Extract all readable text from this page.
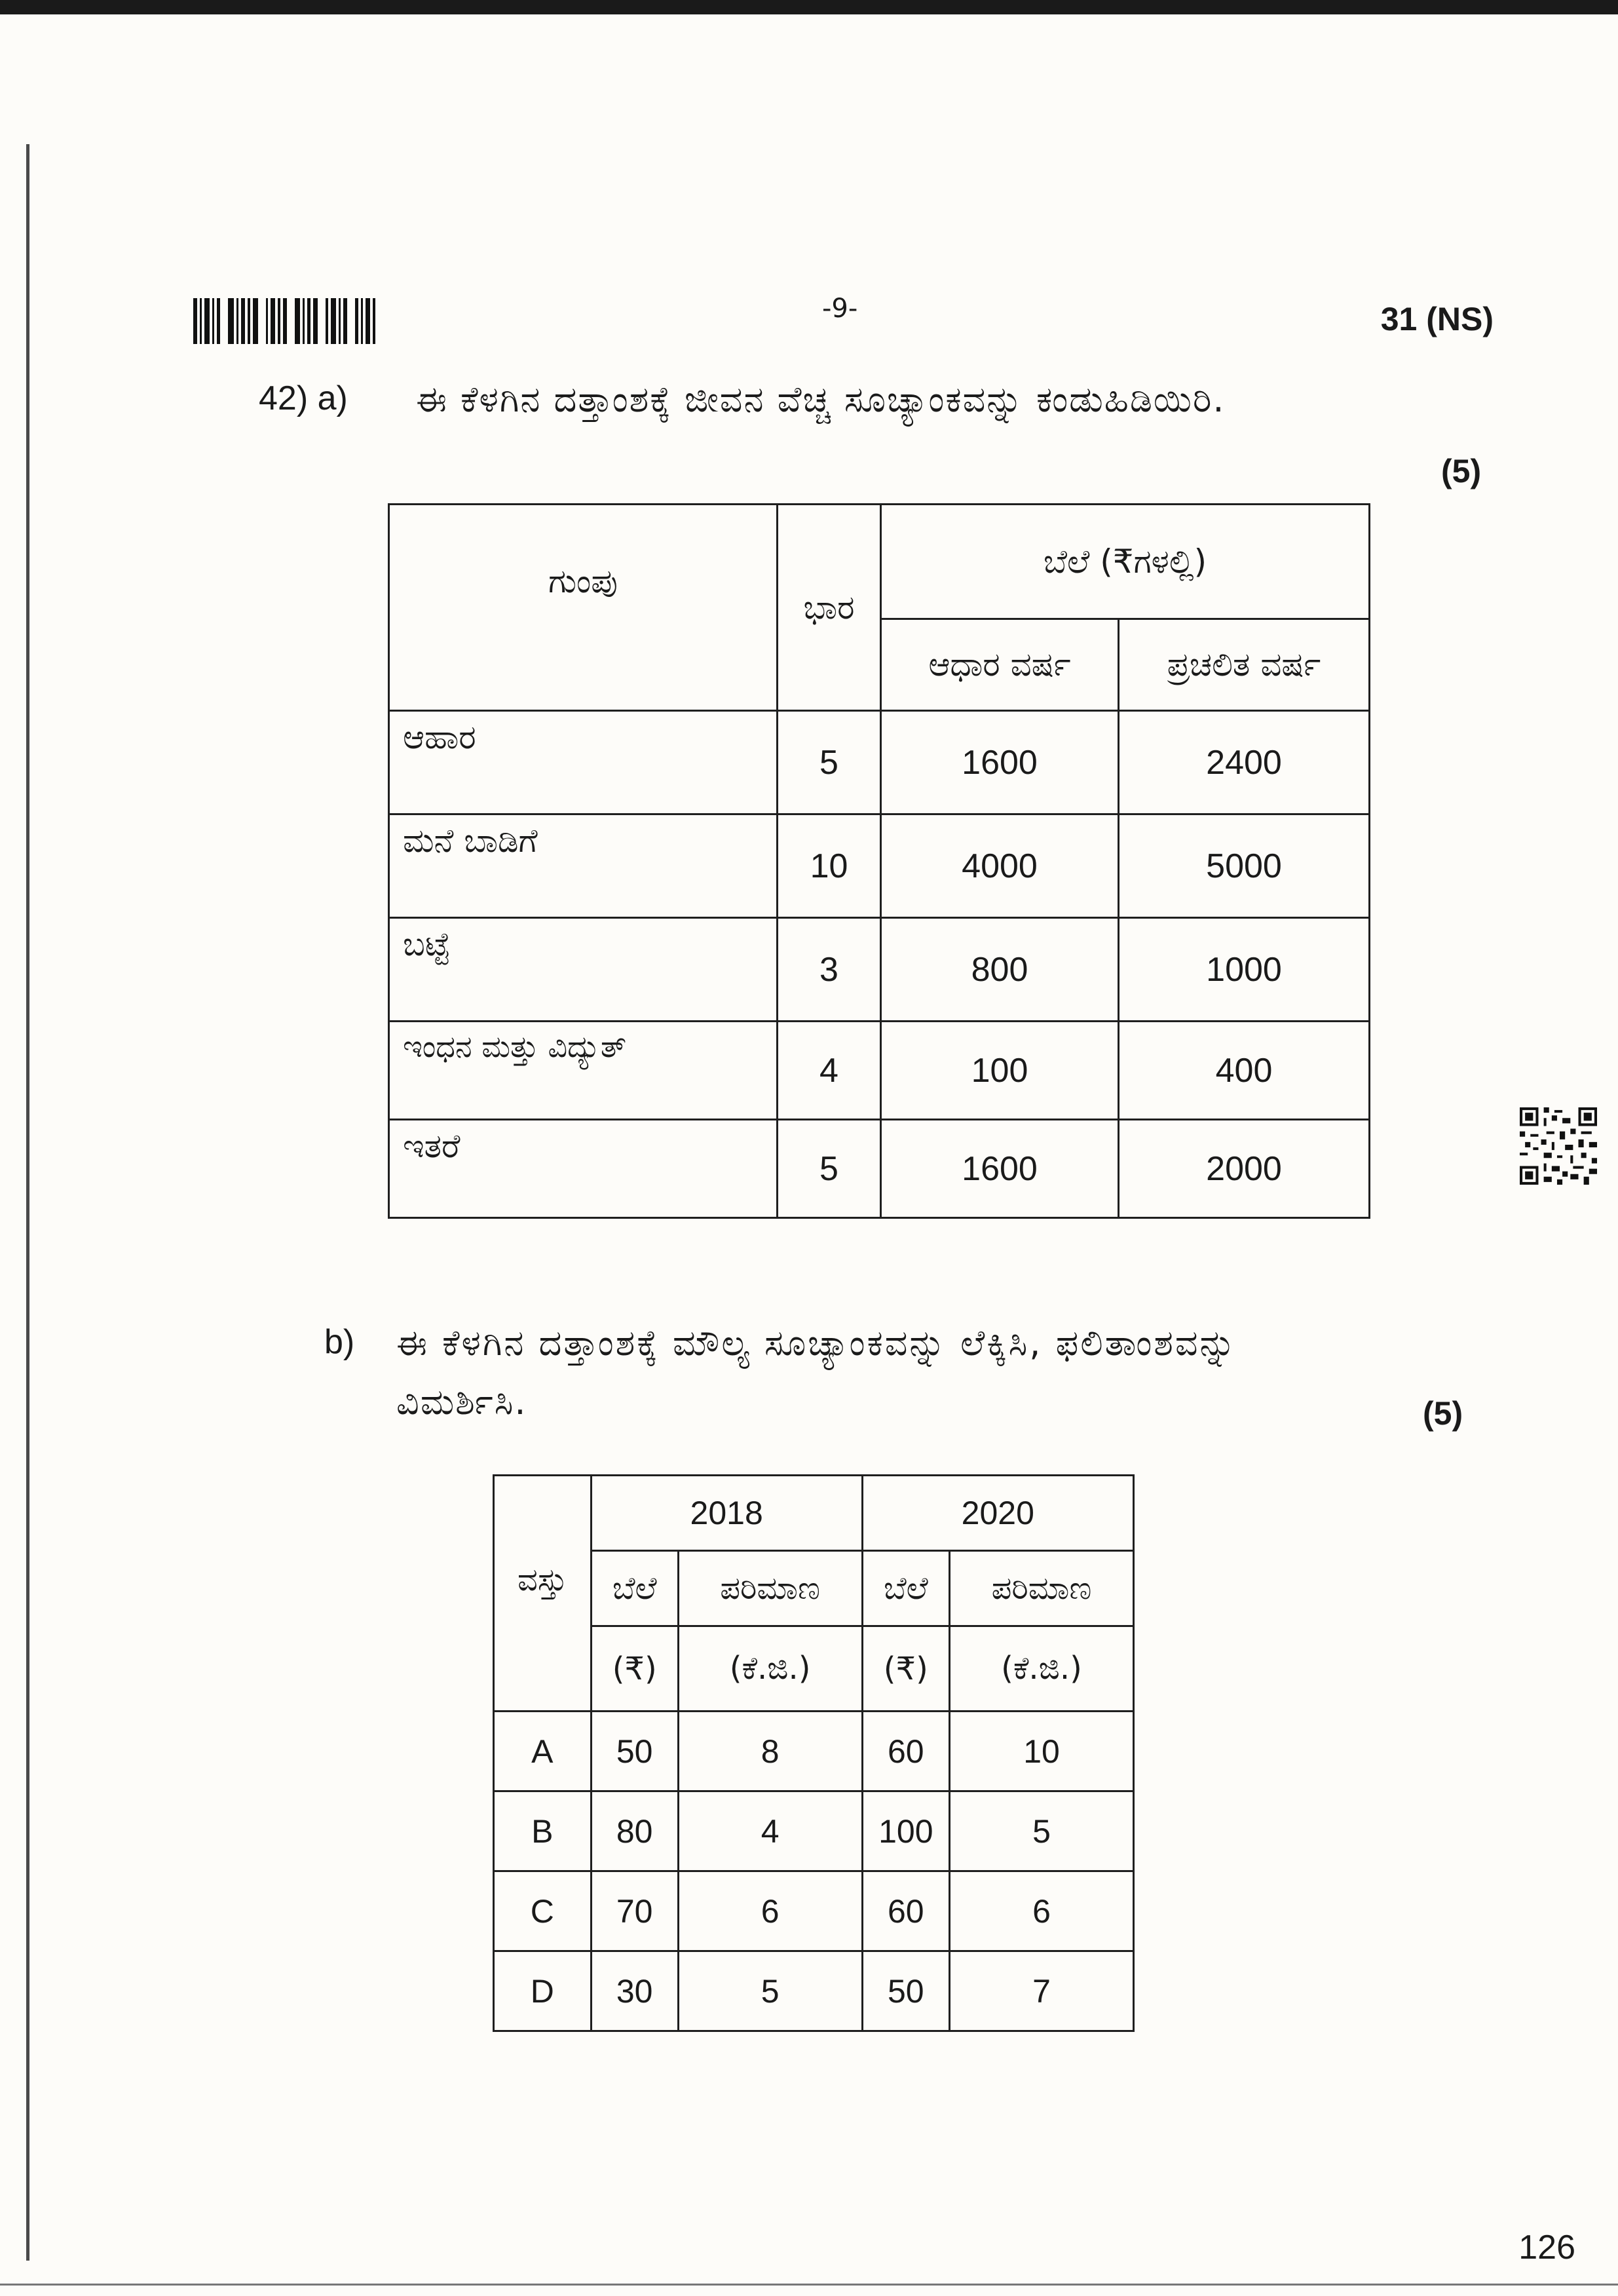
-9-	31 (NS)
42) a) ಈ ಕೆಳಗಿನ ದತ್ತಾಂಶಕ್ಕೆ ಜೀವನ ವೆಚ್ಚ ಸೂಚ್ಯಾಂಕವನ್ನು ಕಂಡುಹಿಡಿಯಿರಿ.
(5)
ಗುಂಪು	ಭಾರ	ಬೆಲೆ (₹ಗಳಲ್ಲಿ)	
		ಆಧಾರ ವರ್ಷ	ಪ್ರಚಲಿತ ವರ್ಷ
ಆಹಾರ	5	1600	2400
ಮನೆ ಬಾಡಿಗೆ	10	4000	5000
ಬಟ್ಟೆ	3	800	1000
ಇಂಧನ ಮತ್ತು ವಿದ್ಯುತ್	4	100	400
ಇತರೆ	5	1600	2000
b) ಈ ಕೆಳಗಿನ ದತ್ತಾಂಶಕ್ಕೆ ಮೌಲ್ಯ ಸೂಚ್ಯಾಂಕವನ್ನು ಲೆಕ್ಕಿಸಿ, ಫಲಿತಾಂಶವನ್ನು
ವಿಮರ್ಶಿಸಿ.	(5)
ವಸ್ತು	2018		2020	
	ಬೆಲೆ	ಪರಿಮಾಣ	ಬೆಲೆ	ಪರಿಮಾಣ
	(₹)	(ಕೆ.ಜಿ.)	(₹)	(ಕೆ.ಜಿ.)
A	50	8	60	10
B	80	4	100	5
C	70	6	60	6
D	30	5	50	7
126
